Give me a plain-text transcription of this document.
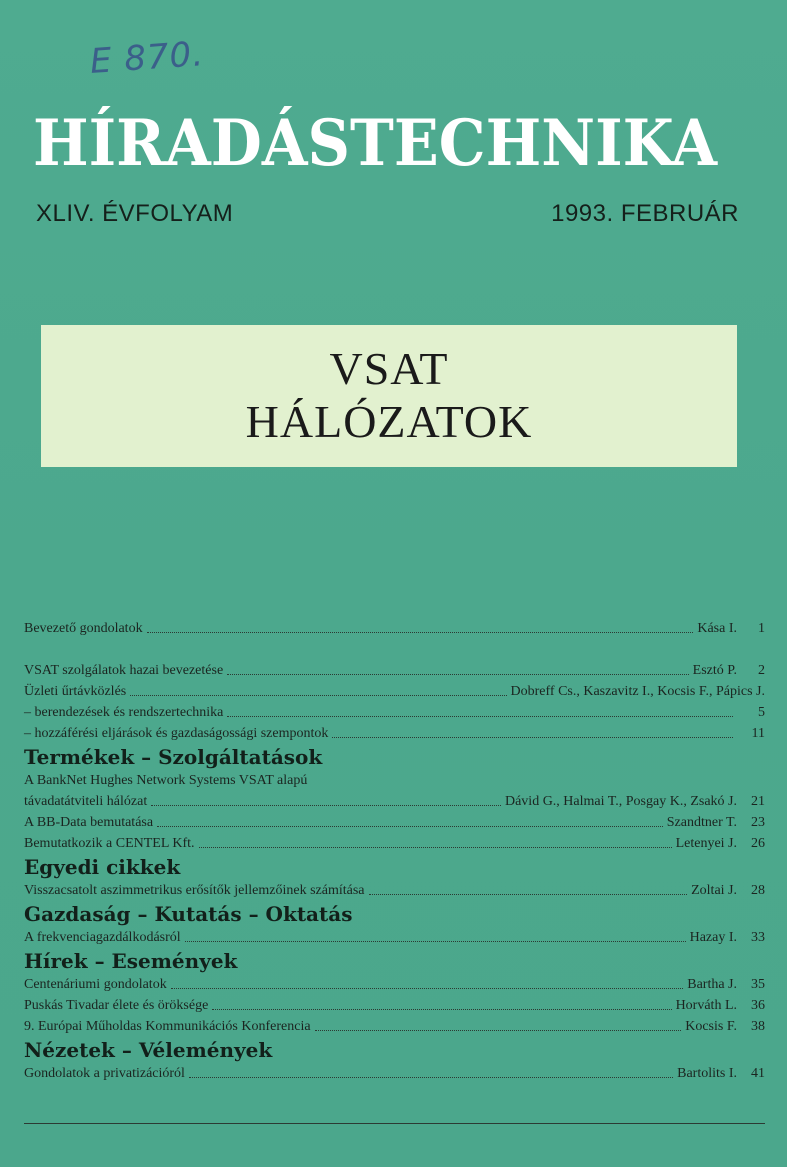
E 870.
HÍRADÁSTECHNIKA
XLIV. ÉVFOLYAM	1993. FEBRUÁR
VSAT
HÁLÓZATOK
Bevezető gondolatok	Kása I.	1
VSAT szolgálatok hazai bevezetése	Esztó P.	2
Üzleti űrtávközlés	Dobreff Cs., Kaszavitz I., Kocsis F., Pápics J.
– berendezések és rendszertechnika	5
– hozzáférési eljárások és gazdaságossági szempontok	11
Termékek – Szolgáltatások
A BankNet Hughes Network Systems VSAT alapú
távadatátviteli hálózat	Dávid G., Halmai T., Posgay K., Zsakó J.	21
A BB-Data bemutatása	Szandtner T.	23
Bemutatkozik a CENTEL Kft.	Letenyei J.	26
Egyedi cikkek
Visszacsatolt aszimmetrikus erősítők jellemzőinek számítása	Zoltai J.	28
Gazdaság – Kutatás – Oktatás
A frekvenciagazdálkodásról	Hazay I.	33
Hírek – Események
Centenáriumi gondolatok	Bartha J.	35
Puskás Tivadar élete és öröksége	Horváth L.	36
9. Európai Műholdas Kommunikációs Konferencia	Kocsis F.	38
Nézetek – Vélemények
Gondolatok a privatizációról	Bartolits I.	41
